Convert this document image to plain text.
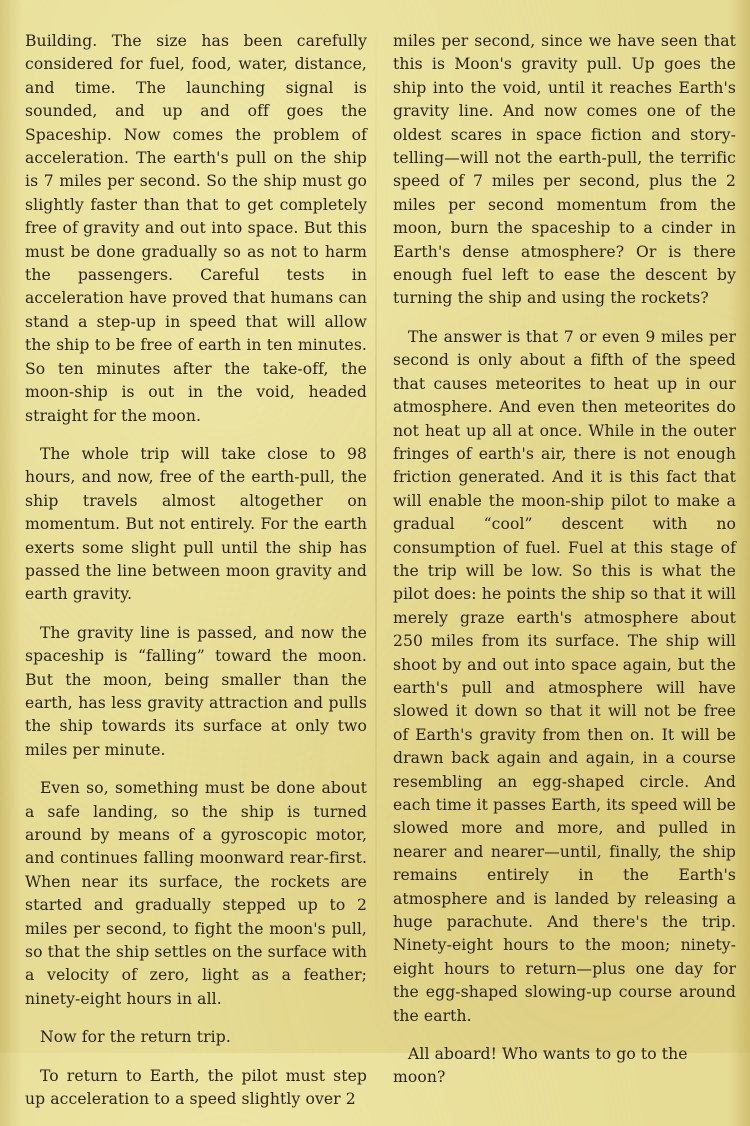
Building. The size has been carefully considered for fuel, food, water, distance, and time. The launching signal is sounded, and up and off goes the Spaceship. Now comes the problem of acceleration. The earth's pull on the ship is 7 miles per second. So the ship must go slightly faster than that to get completely free of gravity and out into space. But this must be done gradually so as not to harm the passengers. Careful tests in acceleration have proved that humans can stand a step-up in speed that will allow the ship to be free of earth in ten minutes. So ten minutes after the take-off, the moon-ship is out in the void, headed straight for the moon.

The whole trip will take close to 98 hours, and now, free of the earth-pull, the ship travels almost altogether on momentum. But not entirely. For the earth exerts some slight pull until the ship has passed the line between moon gravity and earth gravity.

The gravity line is passed, and now the spaceship is “falling” toward the moon. But the moon, being smaller than the earth, has less gravity attraction and pulls the ship towards its surface at only two miles per minute.

Even so, something must be done about a safe landing, so the ship is turned around by means of a gyroscopic motor, and continues falling moonward rear-first. When near its surface, the rockets are started and gradually stepped up to 2 miles per second, to fight the moon's pull, so that the ship settles on the surface with a velocity of zero, light as a feather; ninety-eight hours in all.

Now for the return trip.

To return to Earth, the pilot must step up acceleration to a speed slightly over 2

miles per second, since we have seen that this is Moon's gravity pull. Up goes the ship into the void, until it reaches Earth's gravity line. And now comes one of the oldest scares in space fiction and story-telling—will not the earth-pull, the terrific speed of 7 miles per second, plus the 2 miles per second momentum from the moon, burn the spaceship to a cinder in Earth's dense atmosphere? Or is there enough fuel left to ease the descent by turning the ship and using the rockets?

The answer is that 7 or even 9 miles per second is only about a fifth of the speed that causes meteorites to heat up in our atmosphere. And even then meteorites do not heat up all at once. While in the outer fringes of earth's air, there is not enough friction generated. And it is this fact that will enable the moon-ship pilot to make a gradual “cool” descent with no consumption of fuel. Fuel at this stage of the trip will be low. So this is what the pilot does: he points the ship so that it will merely graze earth's atmosphere about 250 miles from its surface. The ship will shoot by and out into space again, but the earth's pull and atmosphere will have slowed it down so that it will not be free of Earth's gravity from then on. It will be drawn back again and again, in a course resembling an egg-shaped circle. And each time it passes Earth, its speed will be slowed more and more, and pulled in nearer and nearer—until, finally, the ship remains entirely in the Earth's atmosphere and is landed by releasing a huge parachute. And there's the trip. Ninety-eight hours to the moon; ninety-eight hours to return—plus one day for the egg-shaped slowing-up course around the earth.

All aboard! Who wants to go to the moon?
